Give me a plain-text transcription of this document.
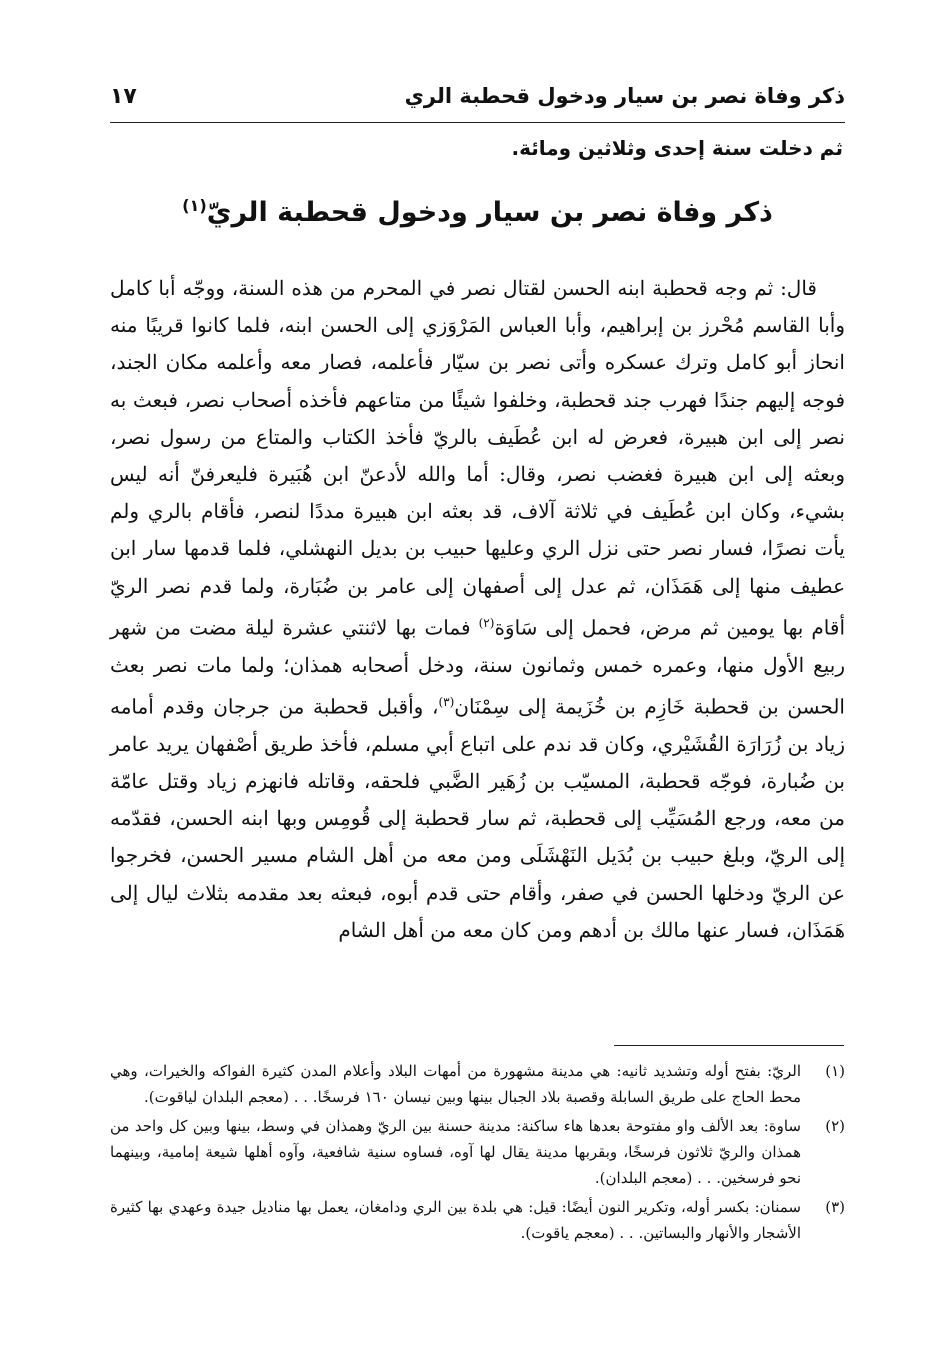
ذكر وفاة نصر بن سيار ودخول قحطبة الري
١٧
ثم دخلت سنة إحدى وثلاثين ومائة.
ذكر وفاة نصر بن سيار ودخول قحطبة الريّ$^{(١)}$

قال: ثم وجه قحطبة ابنه الحسن لقتال نصر في المحرم من هذه السنة، ووجّه أبا كامل وأبا القاسم مُحْرز بن إبراهيم، وأبا العباس المَرْوَزي إلى الحسن ابنه، فلما كانوا قريبًا منه انحاز أبو كامل وترك عسكره وأتى نصر بن سيّار فأعلمه، فصار معه وأعلمه مكان الجند، فوجه إليهم جندًا فهرب جند قحطبة، وخلفوا شيئًا من متاعهم فأخذه أصحاب نصر، فبعث به نصر إلى ابن هبيرة، فعرض له ابن عُطَيف بالريّ فأخذ الكتاب والمتاع من رسول نصر، وبعثه إلى ابن هبيرة فغضب نصر، وقال: أما والله لأدعنّ ابن هُبَيرة فليعرفنّ أنه ليس بشيء، وكان ابن عُطَيف في ثلاثة آلاف، قد بعثه ابن هبيرة مددًا لنصر، فأقام بالري ولم يأت نصرًا، فسار نصر حتى نزل الري وعليها حبيب بن بديل النهشلي، فلما قدمها سار ابن عطيف منها إلى هَمَذَان، ثم عدل إلى أصفهان إلى عامر بن ضُبَارة، ولما قدم نصر الريّ أقام بها يومين ثم مرض، فحمل إلى سَاوَة$^{(٢)}$ فمات بها لاثنتي عشرة ليلة مضت من شهر ربيع الأول منها، وعمره خمس وثمانون سنة، ودخل أصحابه همذان؛ ولما مات نصر بعث الحسن بن قحطبة خَازِم بن خُزَيمة إلى سِمْنَان$^{(٣)}$، وأقبل قحطبة من جرجان وقدم أمامه زياد بن زُرَارَة القُشَيْري، وكان قد ندم على اتباع أبي مسلم، فأخذ طريق أصْفهان يريد عامر بن ضُبارة، فوجّه قحطبة، المسيّب بن زُهَير الضَّبي فلحقه، وقاتله فانهزم زياد وقتل عامّة من معه، ورجع المُسَيِّب إلى قحطبة، ثم سار قحطبة إلى قُومِس وبها ابنه الحسن، فقدّمه إلى الريّ، وبلغ حبيب بن بُدَيل النَهْشَلَى ومن معه من أهل الشام مسير الحسن، فخرجوا عن الريّ ودخلها الحسن في صفر، وأقام حتى قدم أبوه، فبعثه بعد مقدمه بثلاث ليال إلى هَمَذَان، فسار عنها مالك بن أدهم ومن كان معه من أهل الشام

(١)
الريّ: بفتح أوله وتشديد ثانيه: هي مدينة مشهورة من أمهات البلاد وأعلام المدن كثيرة الفواكه والخيرات، وهي محط الحاج على طريق السابلة وقصبة بلاد الجبال بينها وبين نيسان ١٦٠ فرسخًا. . . (معجم البلدان لياقوت).
(٢)
ساوة: بعد الألف واو مفتوحة بعدها هاء ساكنة: مدينة حسنة بين الريّ وهمذان في وسط، بينها وبين كل واحد من همذان والريّ ثلاثون فرسخًا، وبقربها مدينة يقال لها آوه، فساوه سنية شافعية، وآوه أهلها شيعة إمامية، وبينهما نحو فرسخين. . . (معجم البلدان).
(٣)
سمنان: بكسر أوله، وتكرير النون أيضًا: قيل: هي بلدة بين الري ودامغان، يعمل بها مناديل جيدة وعهدي بها كثيرة الأشجار والأنهار والبساتين. . . (معجم ياقوت).
